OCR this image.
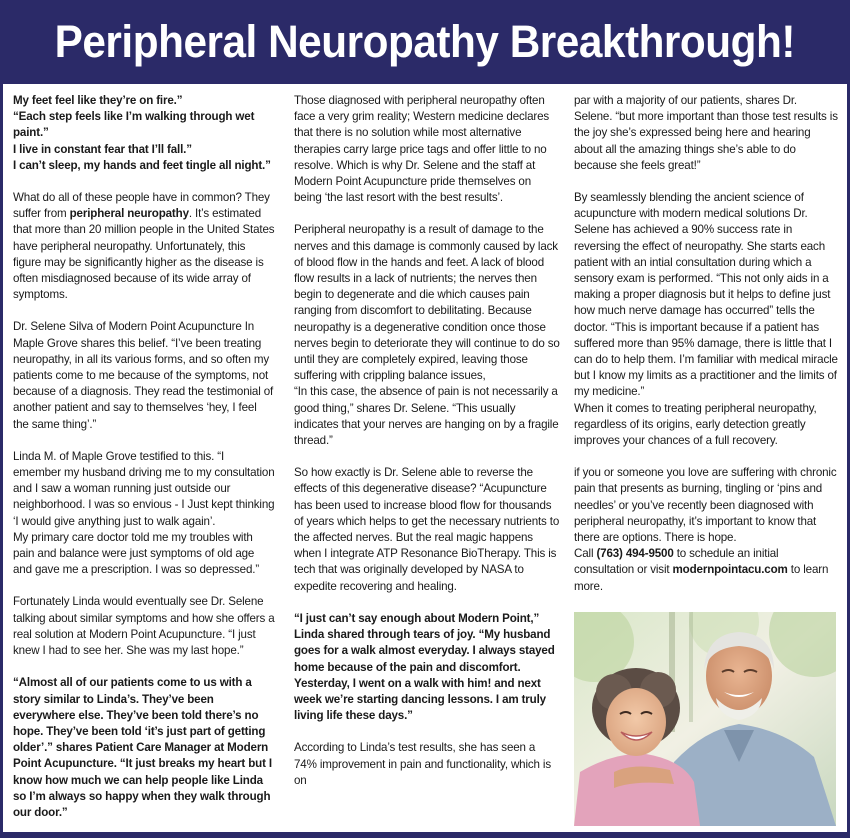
Peripheral Neuropathy Breakthrough!

My feet feel like they’re on fire.”
“Each step feels like I’m walking through wet paint.”
I live in constant fear that I’ll fall.”
I can’t sleep, my hands and feet tingle all night.”

What do all of these people have in common? They suffer from peripheral neuropathy. It’s estimated that more than 20 million people in the United States have peripheral neuropathy. Unfortunately, this figure may be significantly higher as the disease is often misdiagnosed because of its wide array of symptoms.

Dr. Selene Silva of Modern Point Acupuncture In Maple Grove shares this belief. “I’ve been treating neuropathy, in all its various forms, and so often my patients come to me because of the symptoms, not because of a diagnosis. They read the testimonial of another patient and say to themselves ‘hey, I feel the same thing’.”

Linda M. of Maple Grove testified to this. “I emember my husband driving me to my consultation and I saw a woman running just outside our neighborhood. I was so envious - I Just kept thinking ‘I would give anything just to walk again’.

My primary care doctor told me my troubles with pain and balance were just symptoms of old age and gave me a prescription. I was so depressed.”

Fortunately Linda would eventually see Dr. Selene talking about similar symptoms and how she offers a real solution at Modern Point Acupuncture. “I just knew I had to see her. She was my last hope.”

“Almost all of our patients come to us with a story similar to Linda’s. They’ve been everywhere else. They’ve been told there’s no hope. They’ve been told ‘it’s just part of getting older’.” shares Patient Care Manager at Modern Point Acupuncture. “It just breaks my heart but I know how much we can help people like Linda so I’m always so happy when they walk through our door.”

Those diagnosed with peripheral neuropathy often face a very grim reality; Western medicine declares that there is no solution while most alternative therapies carry large price tags and offer little to no resolve. Which is why Dr. Selene and the staff at Modern Point Acupuncture pride themselves on being ‘the last resort with the best results’.

Peripheral neuropathy is a result of damage to the nerves and this damage is commonly caused by lack of blood flow in the hands and feet. A lack of blood flow results in a lack of nutrients; the nerves then begin to degenerate and die which causes pain ranging from discomfort to debilitating. Because neuropathy is a degenerative condition once those nerves begin to deteriorate they will continue to do so until they are completely expired, leaving those suffering with crippling balance issues,

“In this case, the absence of pain is not necessarily a good thing,” shares Dr. Selene. “This usually indicates that your nerves are hanging on by a fragile thread.”

So how exactly is Dr. Selene able to reverse the effects of this degenerative disease? “Acupuncture has been used to increase blood flow for thousands of years which helps to get the necessary nutrients to the affected nerves. But the real magic happens when I integrate ATP Resonance BioTherapy. This is tech that was originally developed by NASA to expedite recovering and healing.

“I just can’t say enough about Modern Point,” Linda shared through tears of joy. “My husband goes for a walk almost everyday. I always stayed home because of the pain and discomfort. Yesterday, I went on a walk with him! and next week we’re starting dancing lessons. I am truly living life these days.”

According to Linda’s test results, she has seen a 74% improvement in pain and functionality, which is on

par with a majority of our patients, shares Dr. Selene. “but more important than those test results is the joy she’s expressed being here and hearing about all the amazing things she’s able to do because she feels great!”

By seamlessly blending the ancient science of acupuncture with modern medical solutions Dr. Selene has achieved a 90% success rate in reversing the effect of neuropathy. She starts each patient with an intial consultation during which a sensory exam is performed. “This not only aids in a making a proper diagnosis but it helps to define just how much nerve damage has occurred” tells the doctor. “This is important because if a patient has suffered more than 95% damage, there is little that I can do to help them. I’m familiar with medical miracle but I know my limits as a practitioner and the limits of my medicine.”

When it comes to treating peripheral neuropathy, regardless of its origins, early detection greatly improves your chances of a full recovery.

if you or someone you love are suffering with chronic pain that presents as burning, tingling or ‘pins and needles’ or you’ve recently been diagnosed with peripheral neuropathy, it’s important to know that there are options. There is hope.

Call (763) 494-9500 to schedule an initial consultation or visit modernpointacu.com to learn more.
